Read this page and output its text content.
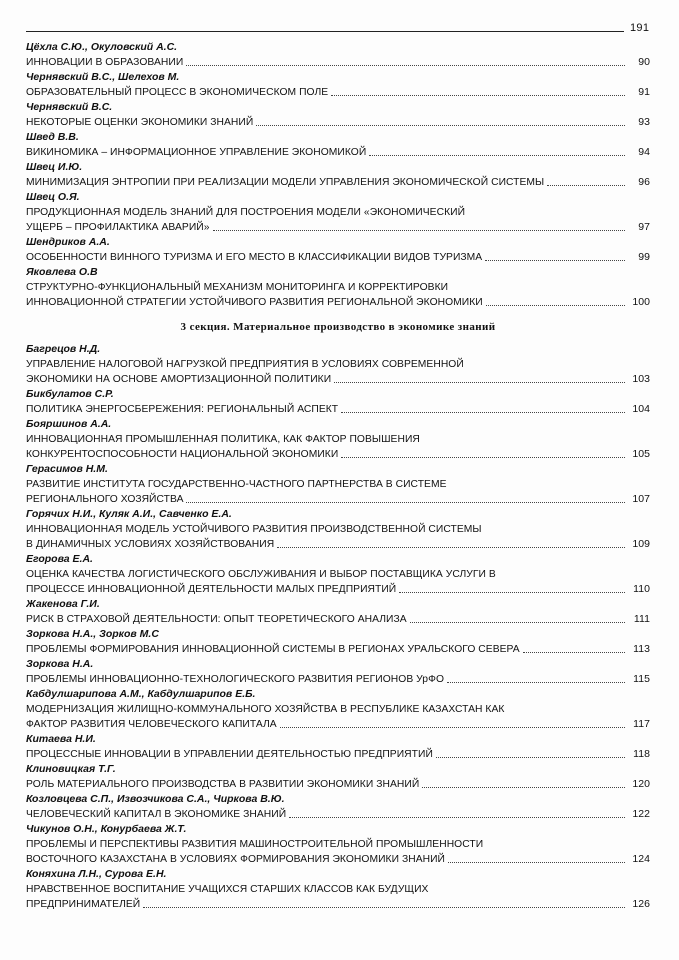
191
Цёхла С.Ю., Окуловский А.С.
ИННОВАЦИИ В ОБРАЗОВАНИИ	90
Чернявский В.С., Шелехов М.
ОБРАЗОВАТЕЛЬНЫЙ ПРОЦЕСС В ЭКОНОМИЧЕСКОМ ПОЛЕ	91
Чернявский В.С.
НЕКОТОРЫЕ ОЦЕНКИ ЭКОНОМИКИ ЗНАНИЙ	93
Швед В.В.
ВИКИНОМИКА – ИНФОРМАЦИОННОЕ УПРАВЛЕНИЕ ЭКОНОМИКОЙ	94
Швец И.Ю.
МИНИМИЗАЦИЯ ЭНТРОПИИ ПРИ РЕАЛИЗАЦИИ МОДЕЛИ УПРАВЛЕНИЯ ЭКОНОМИЧЕСКОЙ СИСТЕМЫ	96
Швец О.Я.
ПРОДУКЦИОННАЯ МОДЕЛЬ ЗНАНИЙ ДЛЯ ПОСТРОЕНИЯ МОДЕЛИ «ЭКОНОМИЧЕСКИЙ
УЩЕРБ – ПРОФИЛАКТИКА АВАРИЙ»	97
Шендриков А.А.
ОСОБЕННОСТИ ВИННОГО ТУРИЗМА И ЕГО МЕСТО В КЛАССИФИКАЦИИ ВИДОВ ТУРИЗМА	99
Яковлева О.В
СТРУКТУРНО-ФУНКЦИОНАЛЬНЫЙ МЕХАНИЗМ МОНИТОРИНГА И КОРРЕКТИРОВКИ
ИННОВАЦИОННОЙ СТРАТЕГИИ УСТОЙЧИВОГО РАЗВИТИЯ РЕГИОНАЛЬНОЙ ЭКОНОМИКИ	100
3 секция. Материальное производство в экономике знаний
Багрецов Н.Д.
УПРАВЛЕНИЕ НАЛОГОВОЙ НАГРУЗКОЙ ПРЕДПРИЯТИЯ В УСЛОВИЯХ СОВРЕМЕННОЙ
ЭКОНОМИКИ НА ОСНОВЕ АМОРТИЗАЦИОННОЙ ПОЛИТИКИ	103
Бикбулатов С.Р.
ПОЛИТИКА ЭНЕРГОСБЕРЕЖЕНИЯ: РЕГИОНАЛЬНЫЙ АСПЕКТ	104
Бояршинов А.А.
ИННОВАЦИОННАЯ ПРОМЫШЛЕННАЯ ПОЛИТИКА, КАК ФАКТОР ПОВЫШЕНИЯ
КОНКУРЕНТОСПОСОБНОСТИ НАЦИОНАЛЬНОЙ ЭКОНОМИКИ	105
Герасимов Н.М.
РАЗВИТИЕ ИНСТИТУТА ГОСУДАРСТВЕННО-ЧАСТНОГО ПАРТНЕРСТВА В СИСТЕМЕ
РЕГИОНАЛЬНОГО ХОЗЯЙСТВА	107
Горячих Н.И., Куляк А.И., Савченко Е.А.
ИННОВАЦИОННАЯ МОДЕЛЬ УСТОЙЧИВОГО РАЗВИТИЯ ПРОИЗВОДСТВЕННОЙ СИСТЕМЫ
В ДИНАМИЧНЫХ УСЛОВИЯХ ХОЗЯЙСТВОВАНИЯ	109
Егорова Е.А.
ОЦЕНКА КАЧЕСТВА ЛОГИСТИЧЕСКОГО ОБСЛУЖИВАНИЯ И ВЫБОР ПОСТАВЩИКА УСЛУГИ В
ПРОЦЕССЕ ИННОВАЦИОННОЙ ДЕЯТЕЛЬНОСТИ МАЛЫХ ПРЕДПРИЯТИЙ	110
Жакенова Г.И.
РИСК В СТРАХОВОЙ ДЕЯТЕЛЬНОСТИ: ОПЫТ ТЕОРЕТИЧЕСКОГО АНАЛИЗА	111
Зоркова Н.А., Зорков М.С
ПРОБЛЕМЫ ФОРМИРОВАНИЯ ИННОВАЦИОННОЙ СИСТЕМЫ В РЕГИОНАХ УРАЛЬСКОГО СЕВЕРА	113
Зоркова Н.А.
ПРОБЛЕМЫ ИННОВАЦИОННО-ТЕХНОЛОГИЧЕСКОГО РАЗВИТИЯ РЕГИОНОВ УрФО	115
Кабдулшарипова А.М., Кабдулшарипов Е.Б.
МОДЕРНИЗАЦИЯ ЖИЛИЩНО-КОММУНАЛЬНОГО ХОЗЯЙСТВА В РЕСПУБЛИКЕ КАЗАХСТАН КАК
ФАКТОР РАЗВИТИЯ ЧЕЛОВЕЧЕСКОГО КАПИТАЛА	117
Китаева Н.И.
ПРОЦЕССНЫЕ ИННОВАЦИИ В УПРАВЛЕНИИ ДЕЯТЕЛЬНОСТЬЮ ПРЕДПРИЯТИЙ	118
Клиновицкая Т.Г.
РОЛЬ МАТЕРИАЛЬНОГО ПРОИЗВОДСТВА В РАЗВИТИИ ЭКОНОМИКИ ЗНАНИЙ	120
Козловцева С.П., Извозчикова С.А., Чиркова В.Ю.
ЧЕЛОВЕЧЕСКИЙ КАПИТАЛ В ЭКОНОМИКЕ ЗНАНИЙ	122
Чикунов О.Н., Конурбаева Ж.Т.
ПРОБЛЕМЫ И ПЕРСПЕКТИВЫ РАЗВИТИЯ МАШИНОСТРОИТЕЛЬНОЙ ПРОМЫШЛЕННОСТИ
ВОСТОЧНОГО КАЗАХСТАНА В УСЛОВИЯХ ФОРМИРОВАНИЯ ЭКОНОМИКИ ЗНАНИЙ	124
Коняхина Л.Н., Сурова Е.Н.
НРАВСТВЕННОЕ ВОСПИТАНИЕ УЧАЩИХСЯ СТАРШИХ КЛАССОВ КАК БУДУЩИХ
ПРЕДПРИНИМАТЕЛЕЙ	126
